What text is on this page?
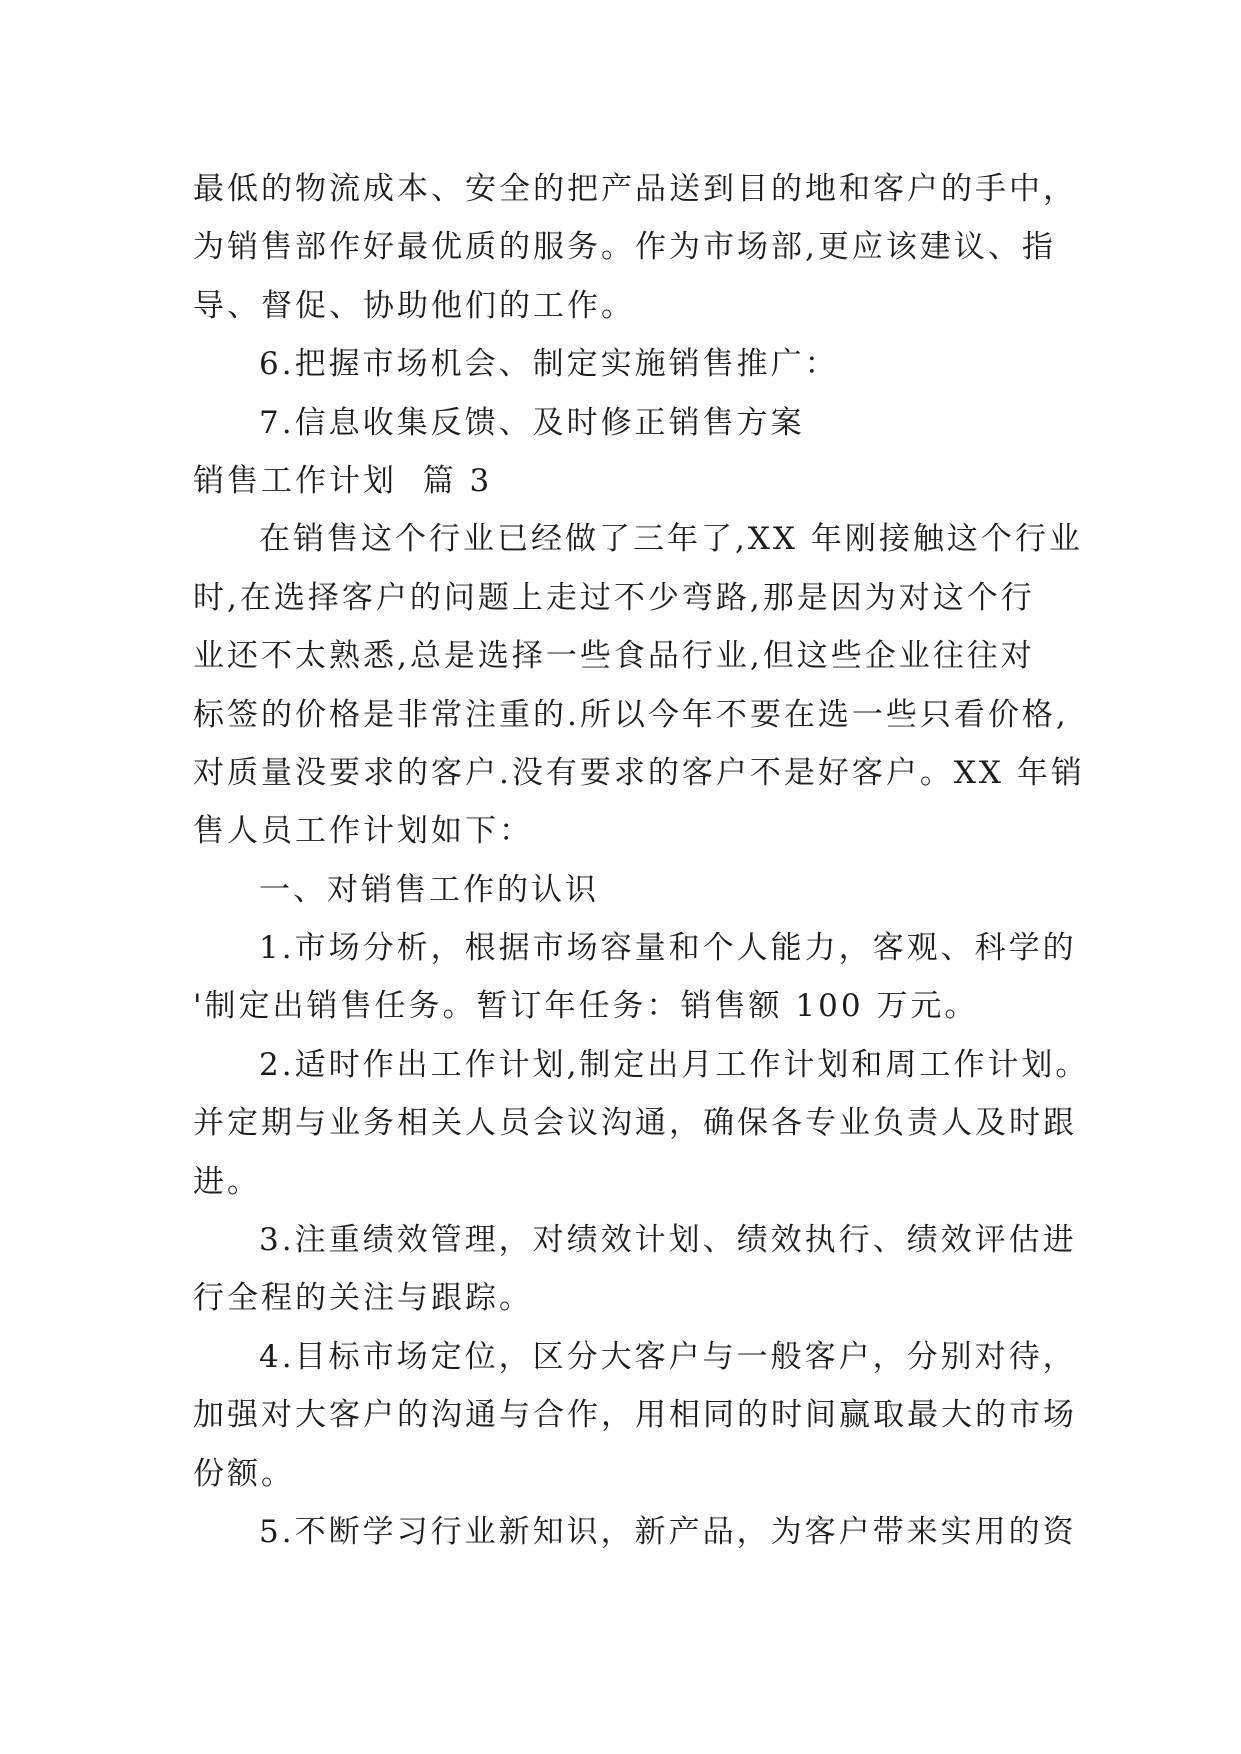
最低的物流成本、安全的把产品送到目的地和客户的手中，
为销售部作好最优质的服务。作为市场部,更应该建议、指
导、督促、协助他们的工作。
6.把握市场机会、制定实施销售推广：
7.信息收集反馈、及时修正销售方案
销售工作计划  篇 3
在销售这个行业已经做了三年了,XX 年刚接触这个行业
时,在选择客户的问题上走过不少弯路,那是因为对这个行
业还不太熟悉,总是选择一些食品行业,但这些企业往往对
标签的价格是非常注重的.所以今年不要在选一些只看价格,
对质量没要求的客户.没有要求的客户不是好客户。XX 年销
售人员工作计划如下：
一、对销售工作的认识
1.市场分析，根据市场容量和个人能力，客观、科学的
'制定出销售任务。暂订年任务：销售额 100 万元。
2.适时作出工作计划,制定出月工作计划和周工作计划。
并定期与业务相关人员会议沟通，确保各专业负责人及时跟
进。
3.注重绩效管理，对绩效计划、绩效执行、绩效评估进
行全程的关注与跟踪。
4.目标市场定位，区分大客户与一般客户，分别对待，
加强对大客户的沟通与合作，用相同的时间赢取最大的市场
份额。
5.不断学习行业新知识，新产品，为客户带来实用的资
